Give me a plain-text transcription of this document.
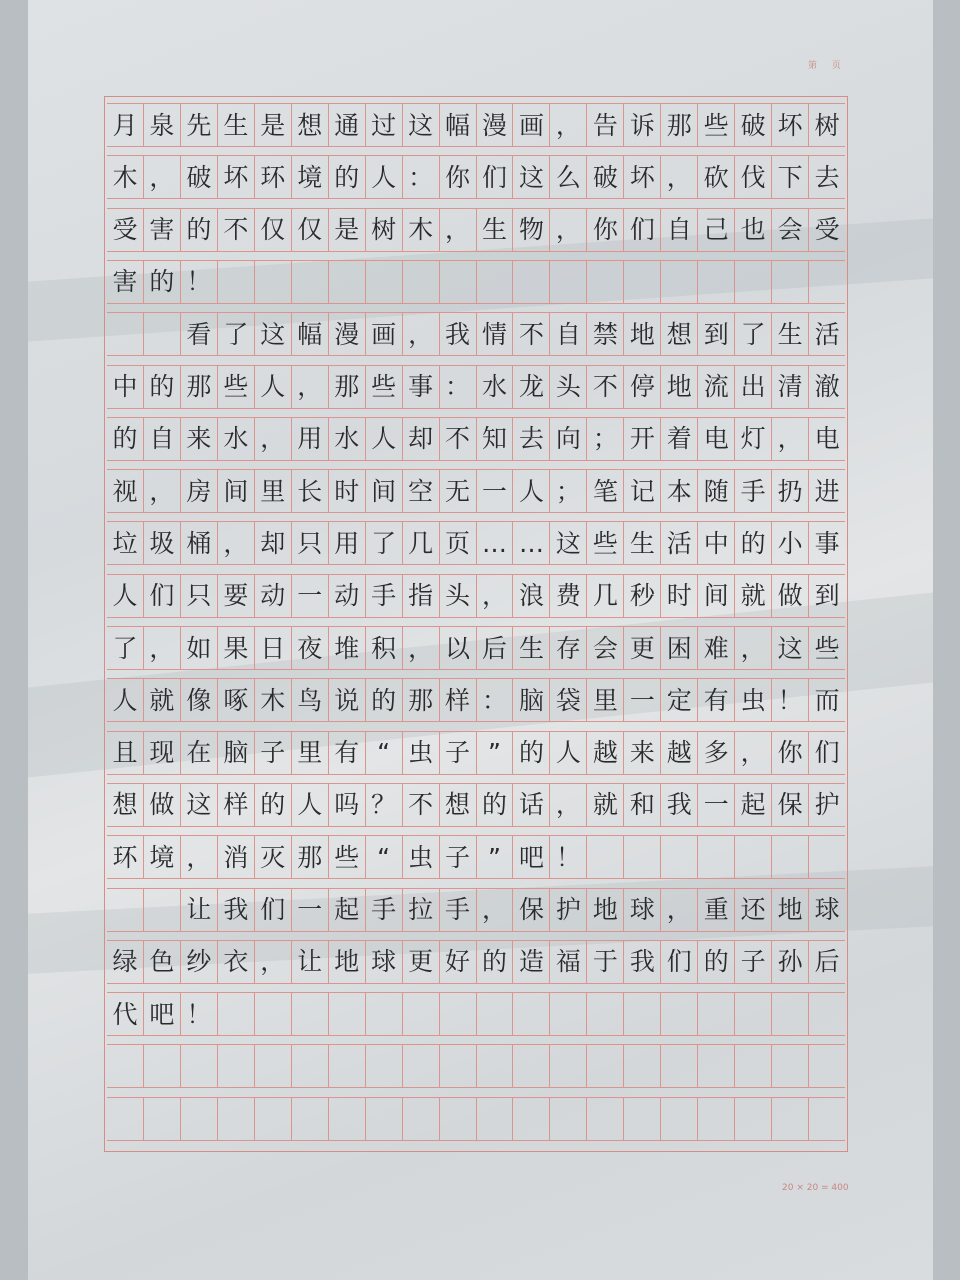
第 页
月 泉 先 生 是 想 通 过 这 幅 漫 画 ， 告 诉 那 些 破 坏 树
木 ， 破 坏 环 境 的 人 ： 你 们 这 么 破 坏 ， 砍 伐 下 去
受 害 的 不 仅 仅 是 树 木 ， 生 物 ， 你 们 自 己 也 会 受
害 的 ！
看 了 这 幅 漫 画 ， 我 情 不 自 禁 地 想 到 了 生 活
中 的 那 些 人 ， 那 些 事 ： 水 龙 头 不 停 地 流 出 清 澈
的 自 来 水 ， 用 水 人 却 不 知 去 向 ； 开 着 电 灯 ， 电
视 ， 房 间 里 长 时 间 空 无 一 人 ； 笔 记 本 随 手 扔 进
垃 圾 桶 ， 却 只 用 了 几 页 … … 这 些 生 活 中 的 小 事
人 们 只 要 动 一 动 手 指 头 ， 浪 费 几 秒 时 间 就 做 到
了 ， 如 果 日 夜 堆 积 ， 以 后 生 存 会 更 困 难 ， 这 些
人 就 像 啄 木 鸟 说 的 那 样 ： 脑 袋 里 一 定 有 虫 ！ 而
且 现 在 脑 子 里 有 “ 虫 子 ” 的 人 越 来 越 多 ， 你 们
想 做 这 样 的 人 吗 ？ 不 想 的 话 ， 就 和 我 一 起 保 护
环 境 ， 消 灭 那 些 “ 虫 子 ” 吧 ！
让 我 们 一 起 手 拉 手 ， 保 护 地 球 ， 重 还 地 球
绿 色 纱 衣 ， 让 地 球 更 好 的 造 福 于 我 们 的 子 孙 后
代 吧 ！
20 × 20 = 400
